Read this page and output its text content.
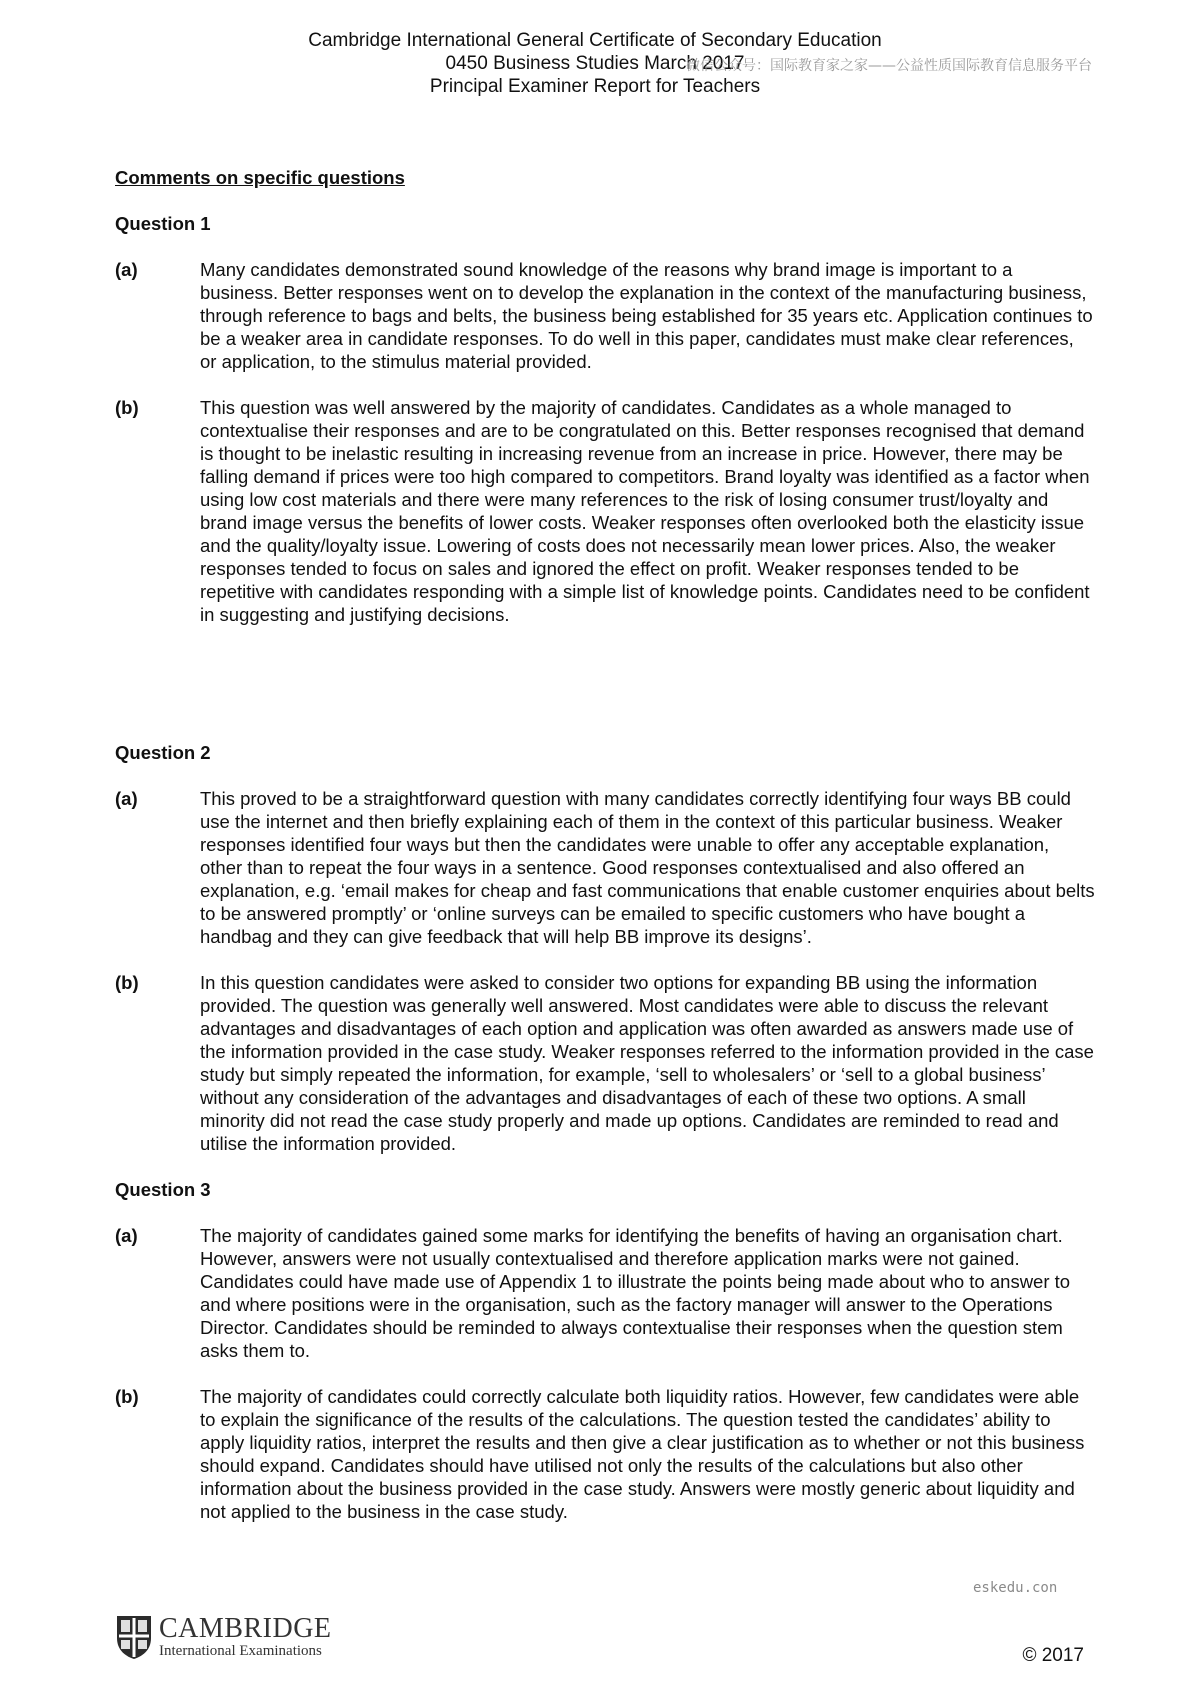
Cambridge International General Certificate of Secondary Education
0450 Business Studies March 2017
Principal Examiner Report for Teachers
微信公众号：国际教育家之家——公益性质国际教育信息服务平台
Comments on specific questions
Question 1
(a)	Many candidates demonstrated sound knowledge of the reasons why brand image is important to a business. Better responses went on to develop the explanation in the context of the manufacturing business, through reference to bags and belts, the business being established for 35 years etc. Application continues to be a weaker area in candidate responses. To do well in this paper, candidates must make clear references, or application, to the stimulus material provided.
(b)	This question was well answered by the majority of candidates. Candidates as a whole managed to contextualise their responses and are to be congratulated on this. Better responses recognised that demand is thought to be inelastic resulting in increasing revenue from an increase in price. However, there may be falling demand if prices were too high compared to competitors. Brand loyalty was identified as a factor when using low cost materials and there were many references to the risk of losing consumer trust/loyalty and brand image versus the benefits of lower costs. Weaker responses often overlooked both the elasticity issue and the quality/loyalty issue. Lowering of costs does not necessarily mean lower prices. Also, the weaker responses tended to focus on sales and ignored the effect on profit. Weaker responses tended to be repetitive with candidates responding with a simple list of knowledge points. Candidates need to be confident in suggesting and justifying decisions.
Question 2
(a)	This proved to be a straightforward question with many candidates correctly identifying four ways BB could use the internet and then briefly explaining each of them in the context of this particular business. Weaker responses identified four ways but then the candidates were unable to offer any acceptable explanation, other than to repeat the four ways in a sentence. Good responses contextualised and also offered an explanation, e.g. ‘email makes for cheap and fast communications that enable customer enquiries about belts to be answered promptly’ or ‘online surveys can be emailed to specific customers who have bought a handbag and they can give feedback that will help BB improve its designs’.
(b)	In this question candidates were asked to consider two options for expanding BB using the information provided. The question was generally well answered. Most candidates were able to discuss the relevant advantages and disadvantages of each option and application was often awarded as answers made use of the information provided in the case study. Weaker responses referred to the information provided in the case study but simply repeated the information, for example, ‘sell to wholesalers’ or ‘sell to a global business’ without any consideration of the advantages and disadvantages of each of these two options. A small minority did not read the case study properly and made up options. Candidates are reminded to read and utilise the information provided.
Question 3
(a)	The majority of candidates gained some marks for identifying the benefits of having an organisation chart. However, answers were not usually contextualised and therefore application marks were not gained. Candidates could have made use of Appendix 1 to illustrate the points being made about who to answer to and where positions were in the organisation, such as the factory manager will answer to the Operations Director. Candidates should be reminded to always contextualise their responses when the question stem asks them to.
(b)	The majority of candidates could correctly calculate both liquidity ratios. However, few candidates were able to explain the significance of the results of the calculations. The question tested the candidates’ ability to apply liquidity ratios, interpret the results and then give a clear justification as to whether or not this business should expand. Candidates should have utilised not only the results of the calculations but also other information about the business provided in the case study. Answers were mostly generic about liquidity and not applied to the business in the case study.
eskedu.con
CAMBRIDGE
International Examinations	© 2017
